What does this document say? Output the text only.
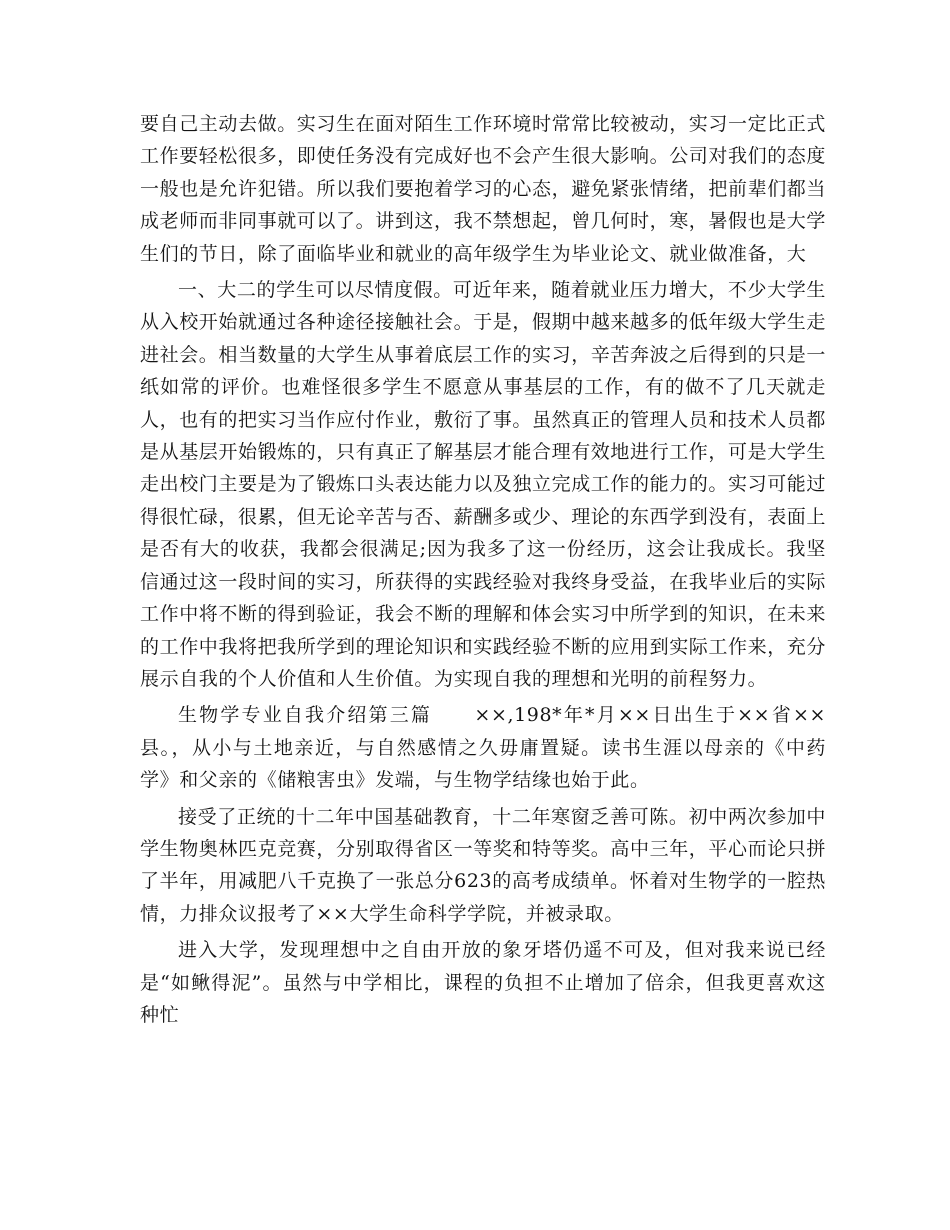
要自己主动去做。实习生在面对陌生工作环境时常常比较被动，实习一定比正式工作要轻松很多，即使任务没有完成好也不会产生很大影响。公司对我们的态度一般也是允许犯错。所以我们要抱着学习的心态，避免紧张情绪，把前辈们都当成老师而非同事就可以了。讲到这，我不禁想起，曾几何时，寒，暑假也是大学生们的节日，除了面临毕业和就业的高年级学生为毕业论文、就业做准备，大

一、大二的学生可以尽情度假。可近年来，随着就业压力增大，不少大学生从入校开始就通过各种途径接触社会。于是，假期中越来越多的低年级大学生走进社会。相当数量的大学生从事着底层工作的实习，辛苦奔波之后得到的只是一纸如常的评价。也难怪很多学生不愿意从事基层的工作，有的做不了几天就走人，也有的把实习当作应付作业，敷衍了事。虽然真正的管理人员和技术人员都是从基层开始锻炼的，只有真正了解基层才能合理有效地进行工作，可是大学生走出校门主要是为了锻炼口头表达能力以及独立完成工作的能力的。实习可能过得很忙碌，很累，但无论辛苦与否、薪酬多或少、理论的东西学到没有，表面上是否有大的收获，我都会很满足;因为我多了这一份经历，这会让我成长。我坚信通过这一段时间的实习，所获得的实践经验对我终身受益，在我毕业后的实际工作中将不断的得到验证，我会不断的理解和体会实习中所学到的知识，在未来的工作中我将把我所学到的理论知识和实践经验不断的应用到实际工作来，充分展示自我的个人价值和人生价值。为实现自我的理想和光明的前程努力。

生物学专业自我介绍第三篇　　××,198*年*月××日出生于××省××县。，从小与土地亲近，与自然感情之久毋庸置疑。读书生涯以母亲的《中药学》和父亲的《储粮害虫》发端，与生物学结缘也始于此。

接受了正统的十二年中国基础教育，十二年寒窗乏善可陈。初中两次参加中学生物奥林匹克竞赛，分别取得省区一等奖和特等奖。高中三年，平心而论只拼了半年，用减肥八千克换了一张总分623的高考成绩单。怀着对生物学的一腔热情，力排众议报考了××大学生命科学学院，并被录取。

进入大学，发现理想中之自由开放的象牙塔仍遥不可及，但对我来说已经是“如鳅得泥”。虽然与中学相比，课程的负担不止增加了倍余，但我更喜欢这种忙
